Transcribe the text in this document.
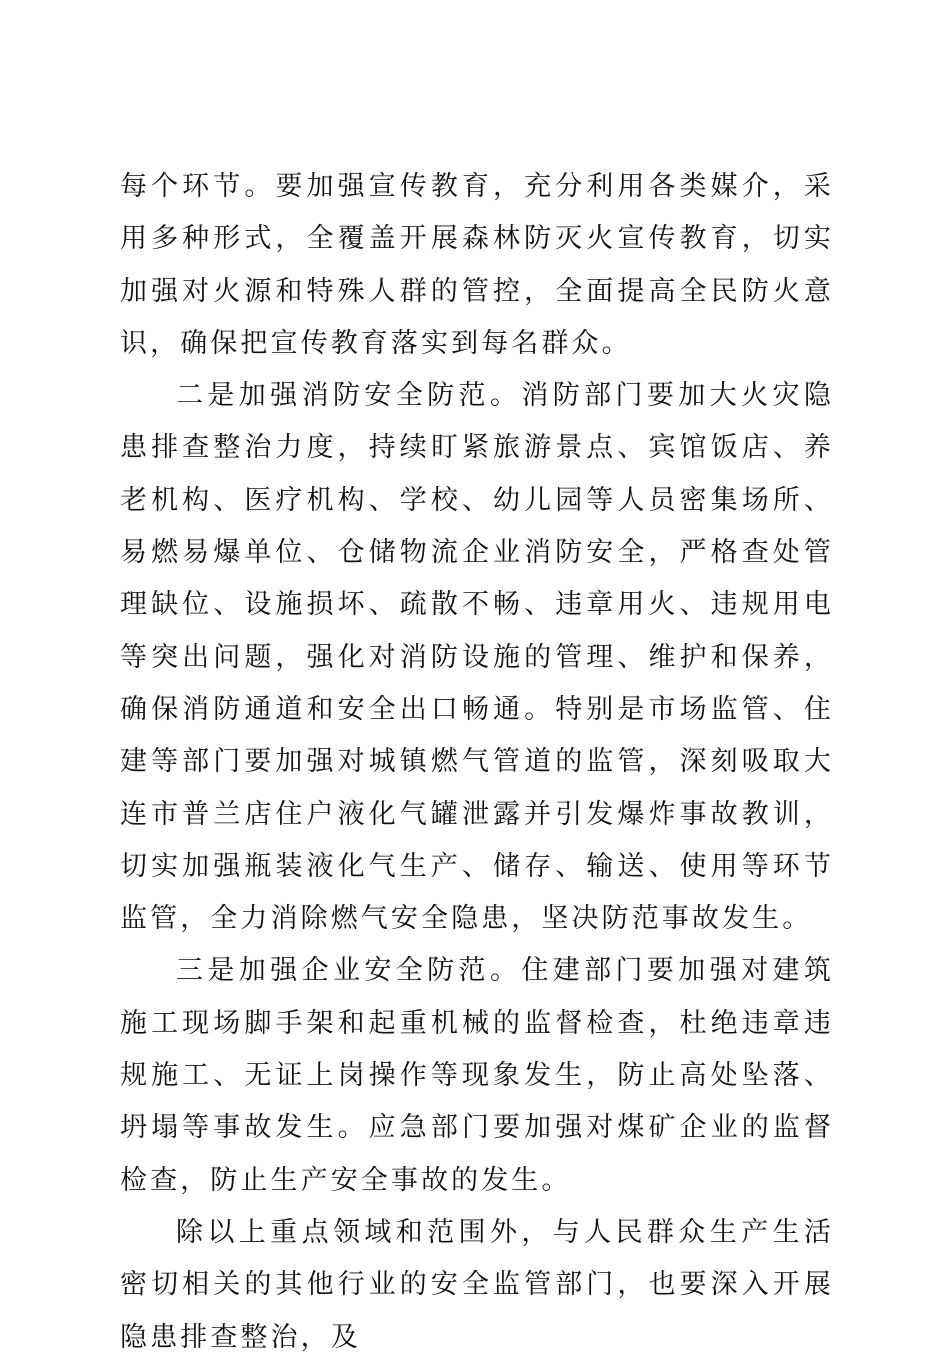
每个环节。要加强宣传教育，充分利用各类媒介，采用多种形式，全覆盖开展森林防灭火宣传教育，切实加强对火源和特殊人群的管控，全面提高全民防火意识，确保把宣传教育落实到每名群众。

二是加强消防安全防范。消防部门要加大火灾隐患排查整治力度，持续盯紧旅游景点、宾馆饭店、养老机构、医疗机构、学校、幼儿园等人员密集场所、易燃易爆单位、仓储物流企业消防安全，严格查处管理缺位、设施损坏、疏散不畅、违章用火、违规用电等突出问题，强化对消防设施的管理、维护和保养，确保消防通道和安全出口畅通。特别是市场监管、住建等部门要加强对城镇燃气管道的监管，深刻吸取大连市普兰店住户液化气罐泄露并引发爆炸事故教训，切实加强瓶装液化气生产、储存、输送、使用等环节监管，全力消除燃气安全隐患，坚决防范事故发生。

三是加强企业安全防范。住建部门要加强对建筑施工现场脚手架和起重机械的监督检查，杜绝违章违规施工、无证上岗操作等现象发生，防止高处坠落、坍塌等事故发生。应急部门要加强对煤矿企业的监督检查，防止生产安全事故的发生。

除以上重点领域和范围外，与人民群众生产生活密切相关的其他行业的安全监管部门，也要深入开展隐患排查整治，及
